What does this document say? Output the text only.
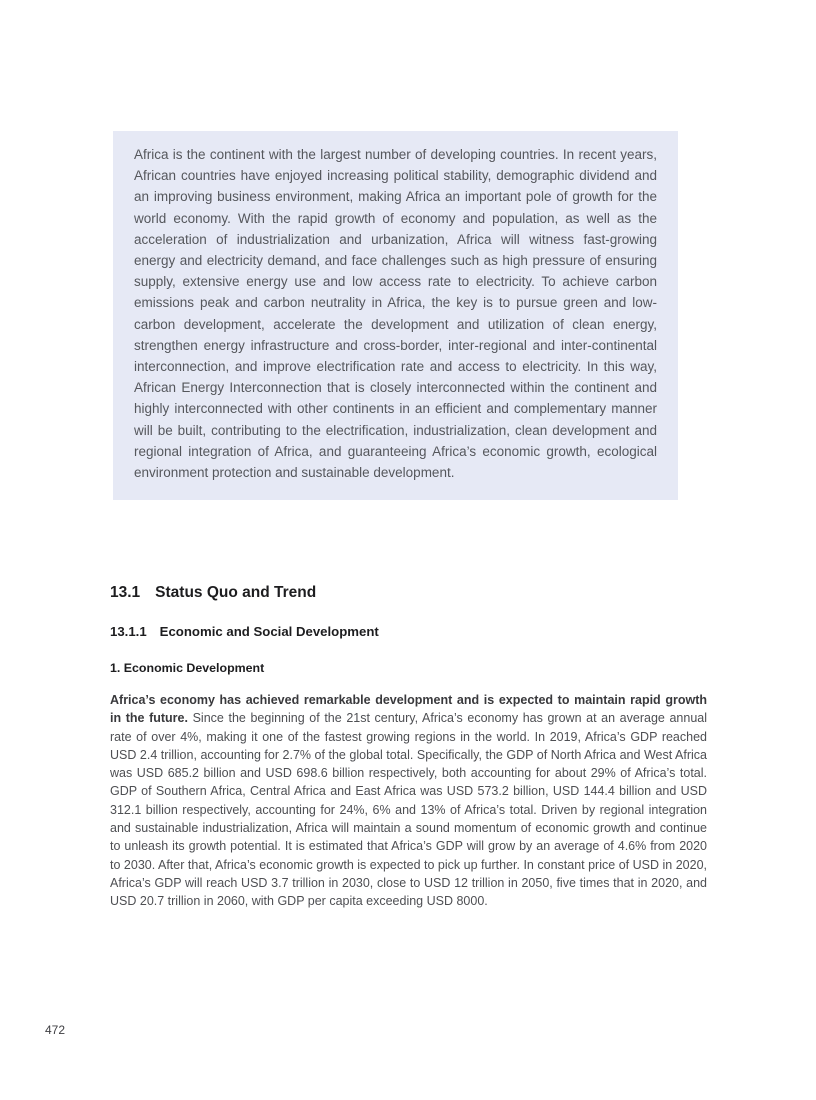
Africa is the continent with the largest number of developing countries. In recent years, African countries have enjoyed increasing political stability, demographic dividend and an improving business environment, making Africa an important pole of growth for the world economy. With the rapid growth of economy and population, as well as the acceleration of industrialization and urbanization, Africa will witness fast-growing energy and electricity demand, and face challenges such as high pressure of ensuring supply, extensive energy use and low access rate to electricity. To achieve carbon emissions peak and carbon neutrality in Africa, the key is to pursue green and low-carbon development, accelerate the development and utilization of clean energy, strengthen energy infrastructure and cross-border, inter-regional and inter-continental interconnection, and improve electrification rate and access to electricity. In this way, African Energy Interconnection that is closely interconnected within the continent and highly interconnected with other continents in an efficient and complementary manner will be built, contributing to the electrification, industrialization, clean development and regional integration of Africa, and guaranteeing Africa’s economic growth, ecological environment protection and sustainable development.

13.1 Status Quo and Trend
13.1.1 Economic and Social Development
1. Economic Development

Africa’s economy has achieved remarkable development and is expected to maintain rapid growth in the future. Since the beginning of the 21st century, Africa’s economy has grown at an average annual rate of over 4%, making it one of the fastest growing regions in the world. In 2019, Africa’s GDP reached USD 2.4 trillion, accounting for 2.7% of the global total. Specifically, the GDP of North Africa and West Africa was USD 685.2 billion and USD 698.6 billion respectively, both accounting for about 29% of Africa’s total. GDP of Southern Africa, Central Africa and East Africa was USD 573.2 billion, USD 144.4 billion and USD 312.1 billion respectively, accounting for 24%, 6% and 13% of Africa’s total. Driven by regional integration and sustainable industrialization, Africa will maintain a sound momentum of economic growth and continue to unleash its growth potential. It is estimated that Africa’s GDP will grow by an average of 4.6% from 2020 to 2030. After that, Africa’s economic growth is expected to pick up further. In constant price of USD in 2020, Africa’s GDP will reach USD 3.7 trillion in 2030, close to USD 12 trillion in 2050, five times that in 2020, and USD 20.7 trillion in 2060, with GDP per capita exceeding USD 8000.

472
